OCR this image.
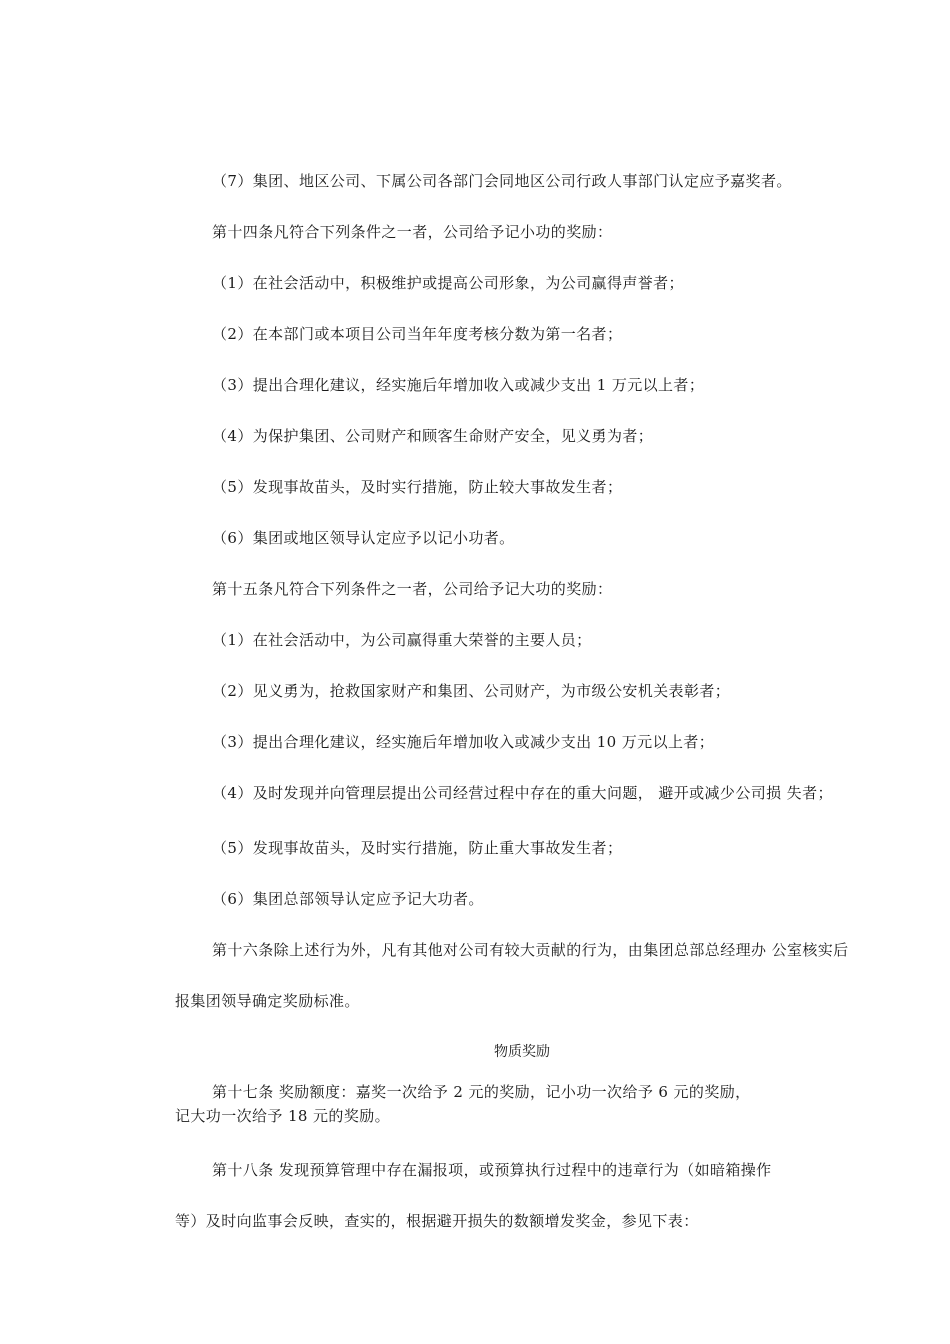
（7）集团、地区公司、下属公司各部门会同地区公司行政人事部门认定应予嘉奖者。
第十四条凡符合下列条件之一者，公司给予记小功的奖励：
（1）在社会活动中，积极维护或提高公司形象，为公司赢得声誉者；
（2）在本部门或本项目公司当年年度考核分数为第一名者；
（3）提出合理化建议，经实施后年增加收入或减少支出 1 万元以上者；
（4）为保护集团、公司财产和顾客生命财产安全，见义勇为者；
（5）发现事故苗头，及时实行措施，防止较大事故发生者；
（6）集团或地区领导认定应予以记小功者。
第十五条凡符合下列条件之一者，公司给予记大功的奖励：
（1）在社会活动中，为公司赢得重大荣誉的主要人员；
（2）见义勇为，抢救国家财产和集团、公司财产，为市级公安机关表彰者；
（3）提出合理化建议，经实施后年增加收入或减少支出 10 万元以上者；
（4）及时发现并向管理层提出公司经营过程中存在的重大问题， 避开或减少公司损 失者；
（5）发现事故苗头，及时实行措施，防止重大事故发生者；
（6）集团总部领导认定应予记大功者。
第十六条除上述行为外，凡有其他对公司有较大贡献的行为，由集团总部总经理办 公室核实后
报集团领导确定奖励标准。
物质奖励
第十七条 奖励额度：嘉奖一次给予 2 元的奖励，记小功一次给予 6 元的奖励，
记大功一次给予 18 元的奖励。
第十八条 发现预算管理中存在漏报项，或预算执行过程中的违章行为（如暗箱操作
等）及时向监事会反映，查实的，根据避开损失的数额增发奖金，参见下表：
